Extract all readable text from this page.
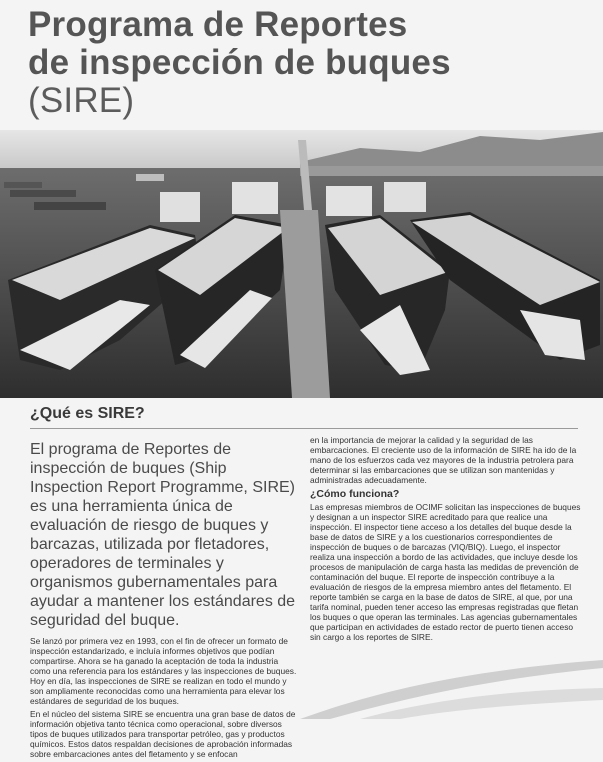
Programa de Reportes
de inspección de buques
(SIRE)
¿Qué es SIRE?

El programa de Reportes de inspección de buques (Ship Inspection Report Programme, SIRE) es una herramienta única de evaluación de riesgo de buques y barcazas, utilizada por fletadores, operadores de terminales y organismos gubernamentales para ayudar a mantener los estándares de seguridad del buque.

Se lanzó por primera vez en 1993, con el fin de ofrecer un formato de inspección estandarizado, e incluía informes objetivos que podían compartirse. Ahora se ha ganado la aceptación de toda la industria como una referencia para los estándares y las inspecciones de buques. Hoy en día, las inspecciones de SIRE se realizan en todo el mundo y son ampliamente reconocidas como una herramienta para elevar los estándares de seguridad de los buques.

En el núcleo del sistema SIRE se encuentra una gran base de datos de información objetiva tanto técnica como operacional, sobre diversos tipos de buques utilizados para transportar petróleo, gas y productos químicos. Estos datos respaldan decisiones de aprobación informadas sobre embarcaciones antes del fletamento y se enfocan

en la importancia de mejorar la calidad y la seguridad de las embarcaciones. El creciente uso de la información de SIRE ha ido de la mano de los esfuerzos cada vez mayores de la industria petrolera para determinar si las embarcaciones que se utilizan son mantenidas y administradas adecuadamente.

¿Cómo funciona?

Las empresas miembros de OCIMF solicitan las inspecciones de buques y designan a un inspector SIRE acreditado para que realice una inspección. El inspector tiene acceso a los detalles del buque desde la base de datos de SIRE y a los cuestionarios correspondientes de inspección de buques o de barcazas (VIQ/BIQ). Luego, el inspector realiza una inspección a bordo de las actividades, que incluye desde los procesos de manipulación de carga hasta las medidas de prevención de contaminación del buque. El reporte de inspección contribuye a la evaluación de riesgos de la empresa miembro antes del fletamento. El reporte también se carga en la base de datos de SIRE, al que, por una tarifa nominal, pueden tener acceso las empresas registradas que fletan los buques o que operan las terminales. Las agencias gubernamentales que participan en actividades de estado rector de puerto tienen acceso sin cargo a los reportes de SIRE.
